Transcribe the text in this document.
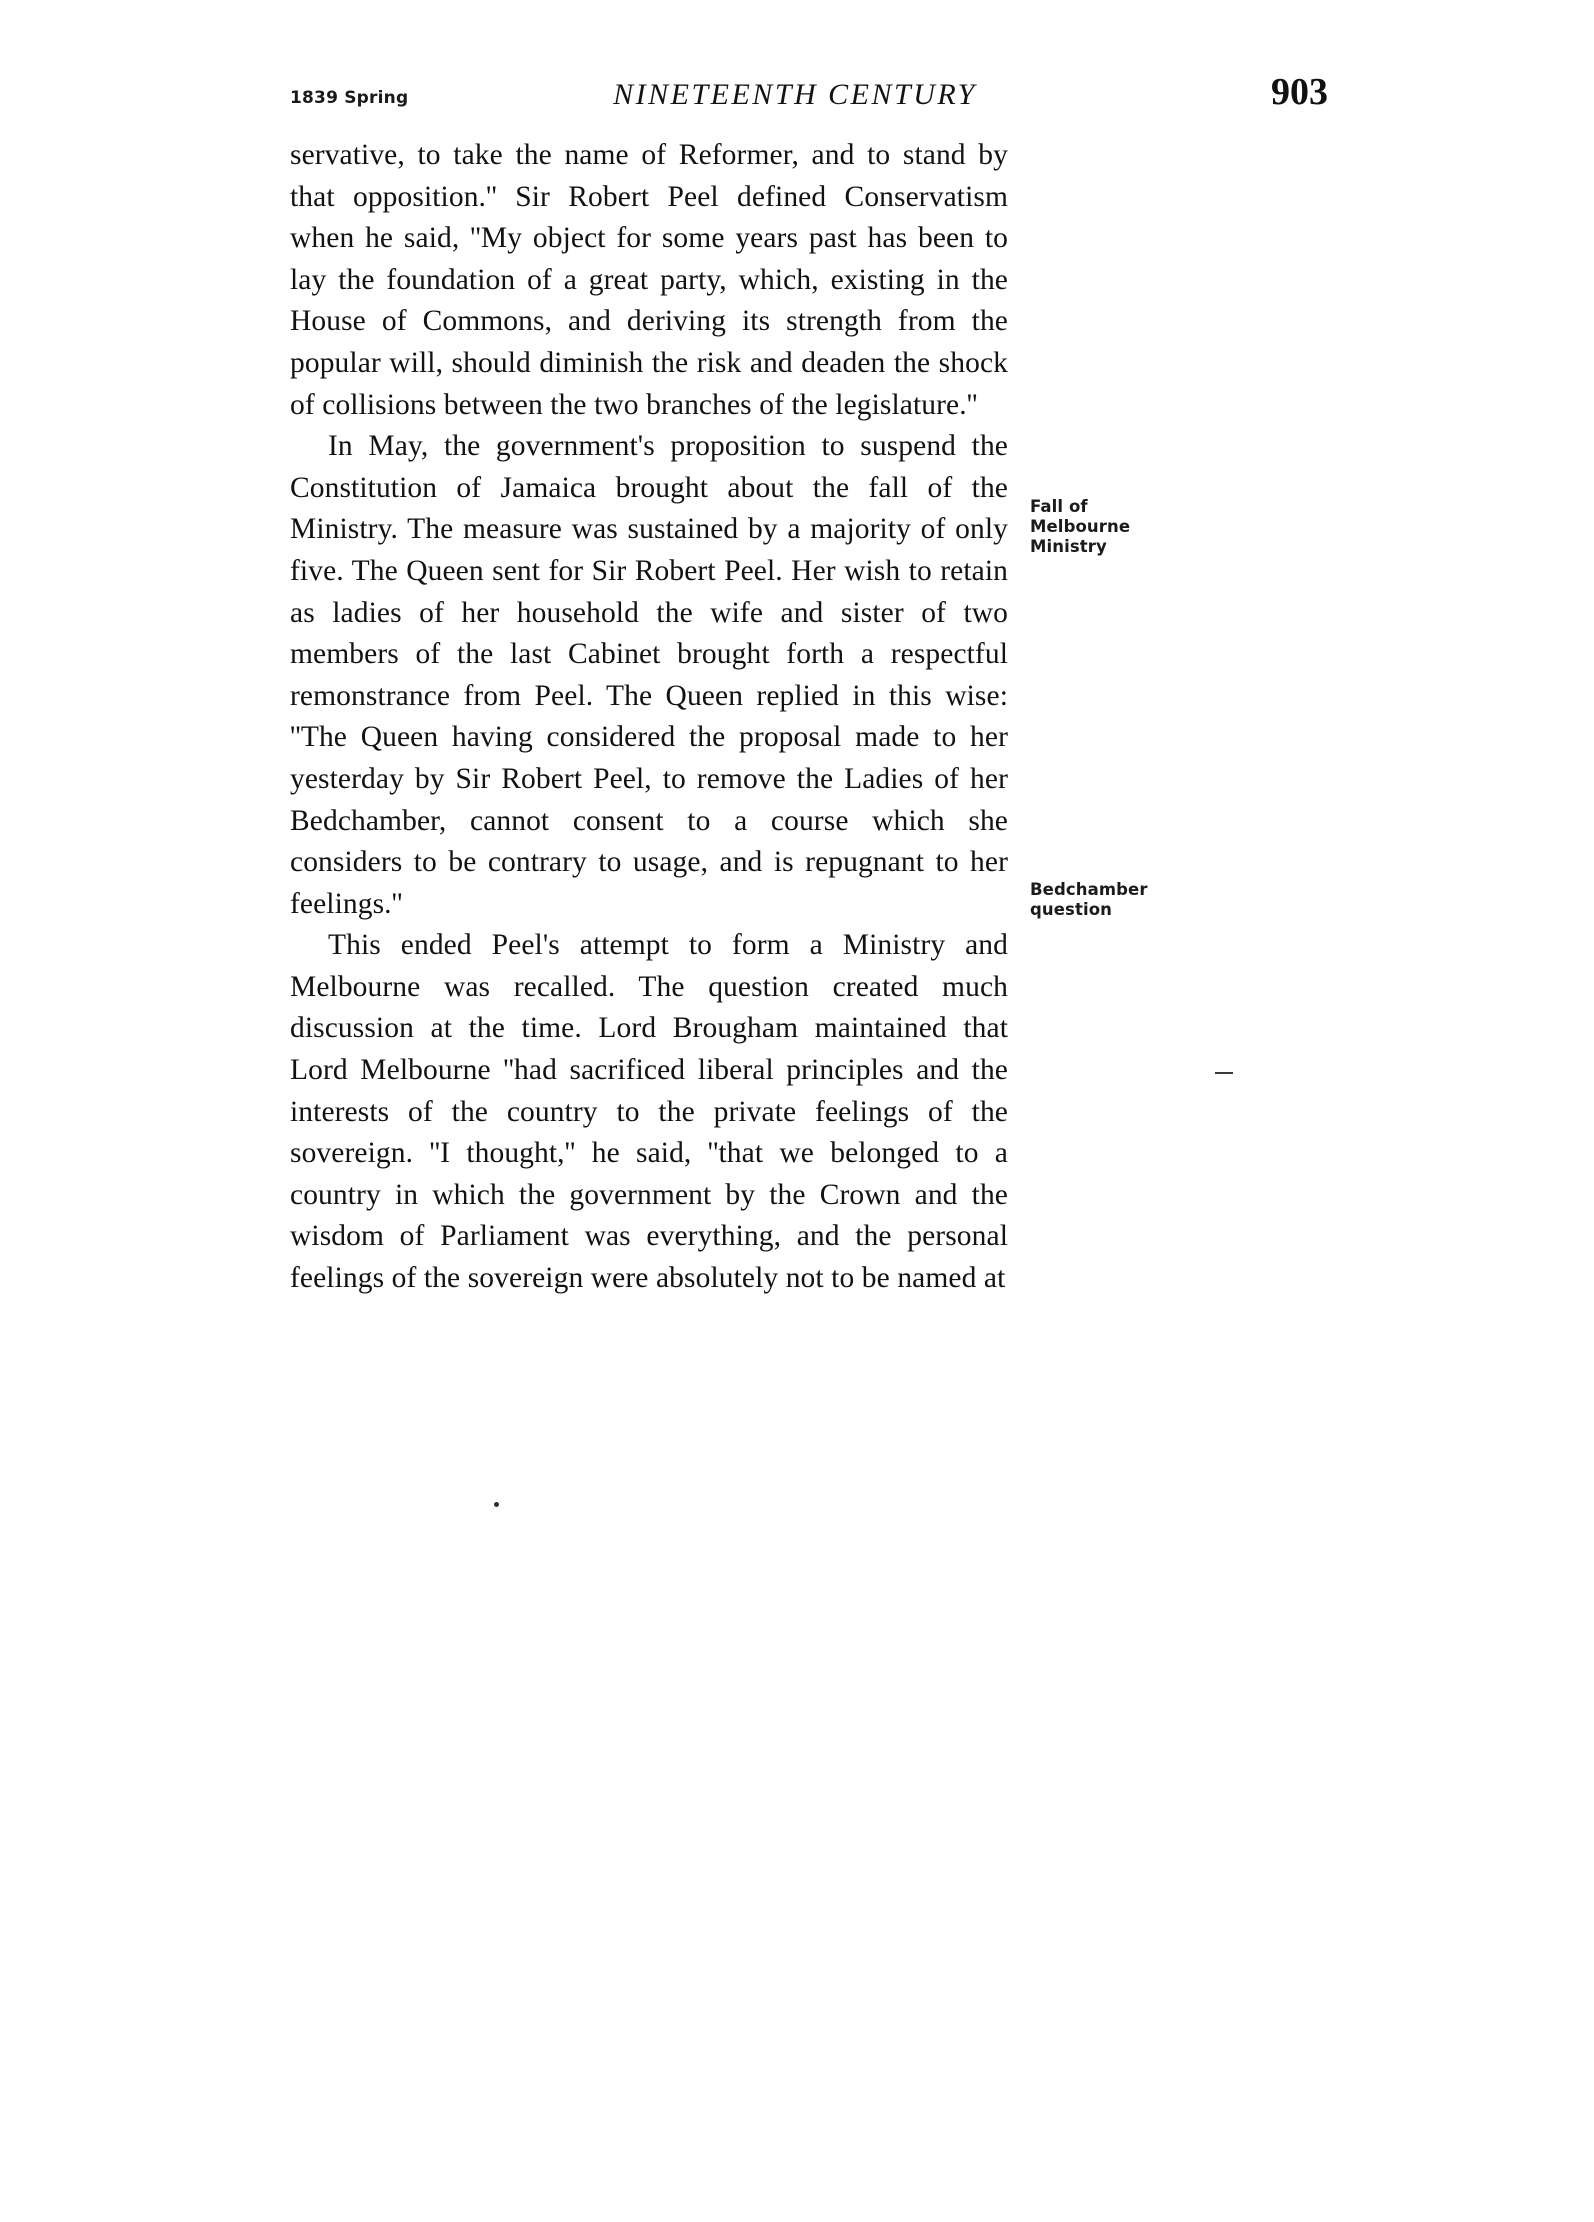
1839 Spring	NINETEENTH CENTURY	903

servative, to take the name of Reformer, and to stand by that opposition.'' Sir Robert Peel defined Conservatism when he said, ''My object for some years past has been to lay the foundation of a great party, which, existing in the House of Commons, and deriving its strength from the popular will, should diminish the risk and deaden the shock of collisions between the two branches of the legislature.''

In May, the government's proposition to suspend the Constitution of Jamaica brought about the fall of the Ministry. The measure was sustained by a majority of only five. The Queen sent for Sir Robert Peel. Her wish to retain as ladies of her household the wife and sister of two members of the last Cabinet brought forth a respectful remonstrance from Peel. The Queen replied in this wise: ''The Queen having considered the proposal made to her yesterday by Sir Robert Peel, to remove the Ladies of her Bedchamber, cannot consent to a course which she considers to be contrary to usage, and is repugnant to her feelings.''

This ended Peel's attempt to form a Ministry and Melbourne was recalled. The question created much discussion at the time. Lord Brougham maintained that Lord Melbourne ''had sacrificed liberal principles and the interests of the country to the private feelings of the sovereign. ''I thought,'' he said, ''that we belonged to a country in which the government by the Crown and the wisdom of Parliament was everything, and the personal feelings of the sovereign were absolutely not to be named at

Fall of Melbourne Ministry
Bedchamber question
